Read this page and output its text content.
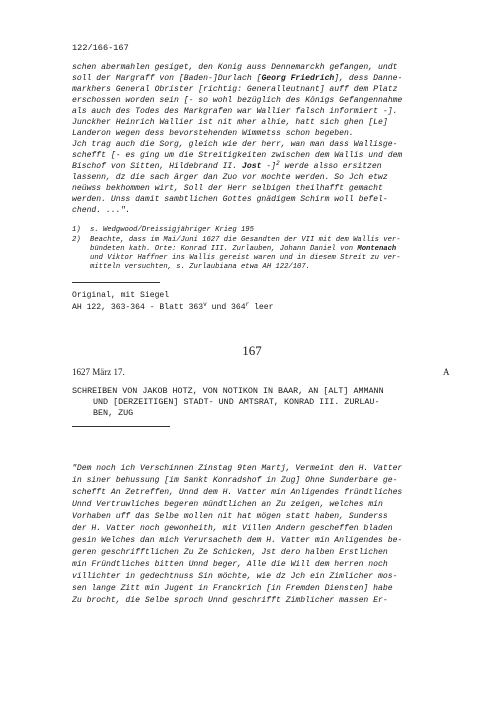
122/166-167
schen abermahlen gesiget, den Konig auss Dennemarckh gefangen, undt
soll der Margraff von [Baden-]Durlach [Georg Friedrich], dess Danne-
markhers General Obrister [richtig: Generalleutnant] auff dem Platz
erschossen worden sein [- so wohl bezüglich des Königs Gefangennahme
als auch des Todes des Markgrafen war Wallier falsch informiert -].
Junckher Heinrich Wallier ist nit mher alhie, hatt sich ghen [Le]
Landeron wegen dess bevorstehenden Wimmetss schon begeben.
Jch trag auch die Sorg, gleich wie der herr, wan man dass Wallisge-
schefft [- es ging um die Streitigkeiten zwischen dem Wallis und dem
Bischof von Sitten, Hildebrand II. Jost -]$^2$ werde alsso ersitzen
lassenn, dz die sach ärger dan Zuo vor mochte werden. So Jch etwz
neüwss bekhommen wirt, Soll der Herr selbigen theilhafft gemacht
werden. Unss damit sambtlichen Gottes gnädigem Schirm woll befel-
chend. ...".
1) s. Wedgwood/Dreissigjähriger Krieg 195
2) Beachte, dass im Mai/Juni 1627 die Gesandten der VII mit dem Wallis ver-
bündeten kath. Orte: Konrad III. Zurlauben, Johann Daniel von Montenach
und Viktor Haffner ins Wallis gereist waren und in diesem Streit zu ver-
mitteln versuchten, s. Zurlaubiana etwa AH 122/107.
Original, mit Siegel
AH 122, 363-364 - Blatt 363$^v$ und 364$^r$ leer
167
1627 März 17.	A
SCHREIBEN VON JAKOB HOTZ, VON NOTIKON IN BAAR, AN [ALT] AMMANN
UND [DERZEITIGEN] STADT- UND AMTSRAT, KONRAD III. ZURLAU-
BEN, ZUG
"Dem noch ich Verschinnen Zinstag 9ten Martj, Vermeint den H. Vatter
in siner behussung [im Sankt Konradshof in Zug] Ohne Sunderbare ge-
schefft An Zetreffen, Unnd dem H. Vatter min Anligendes fründtliches
Unnd Vertruwliches begeren mündtlichen an Zu zeigen, welches min
Vorhaben uff das Selbe mollen nit hat mögen statt haben, Sunderss
der H. Vatter noch gewonheith, mit Villen Andern gescheffen bladen
gesin Welches dan mich Verursacheth dem H. Vatter min Anligendes be-
geren geschrifftlichen Zu Ze Schicken, Jst dero halben Erstlichen
min Fründtliches bitten Unnd beger, Alle die Will dem herren noch
villichter in gedechtnuss Sin möchte, wie dz Jch ein Zimlicher mos-
sen lange Zitt min Jugent in Franckrich [in Fremden Diensten] habe
Zu brocht, die Selbe sproch Unnd geschrifft Zimblicher massen Er-
